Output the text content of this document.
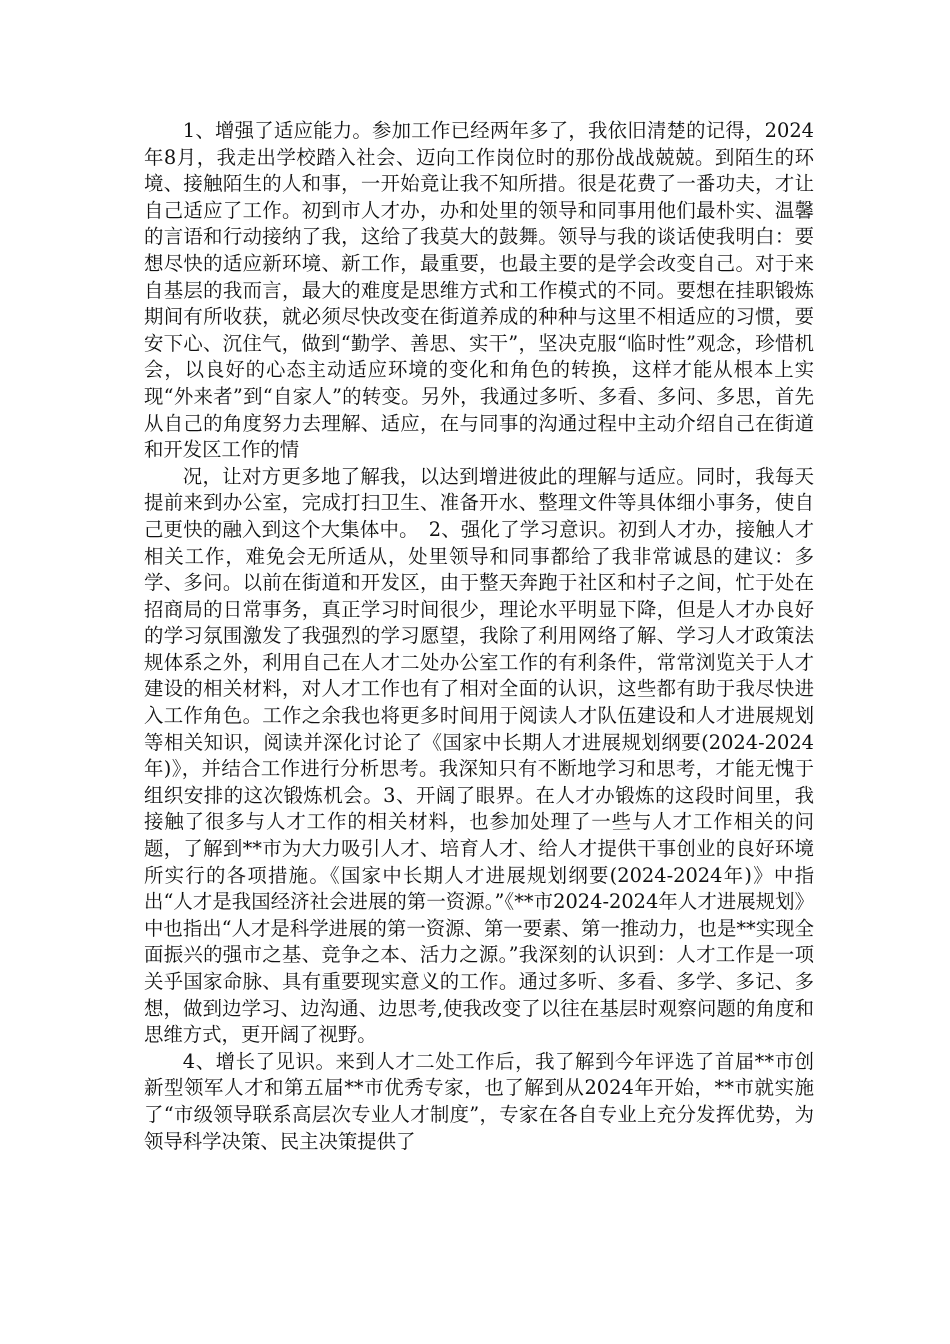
1、增强了适应能力。参加工作已经两年多了，我依旧清楚的记得，2024年8月，我走出学校踏入社会、迈向工作岗位时的那份战战兢兢。到陌生的环境、接触陌生的人和事，一开始竟让我不知所措。很是花费了一番功夫，才让自己适应了工作。初到市人才办，办和处里的领导和同事用他们最朴实、温馨的言语和行动接纳了我，这给了我莫大的鼓舞。领导与我的谈话使我明白：要想尽快的适应新环境、新工作，最重要，也最主要的是学会改变自己。对于来自基层的我而言，最大的难度是思维方式和工作模式的不同。要想在挂职锻炼期间有所收获，就必须尽快改变在街道养成的种种与这里不相适应的习惯，要安下心、沉住气，做到“勤学、善思、实干”，坚决克服“临时性”观念，珍惜机会，以良好的心态主动适应环境的变化和角色的转换，这样才能从根本上实现“外来者”到“自家人”的转变。另外，我通过多听、多看、多问、多思，首先从自己的角度努力去理解、适应，在与同事的沟通过程中主动介绍自己在街道和开发区工作的情

况，让对方更多地了解我，以达到增进彼此的理解与适应。同时，我每天提前来到办公室，完成打扫卫生、准备开水、整理文件等具体细小事务，使自己更快的融入到这个大集体中。　2、强化了学习意识。初到人才办，接触人才相关工作，难免会无所适从，处里领导和同事都给了我非常诚恳的建议：多学、多问。以前在街道和开发区，由于整天奔跑于社区和村子之间，忙于处在招商局的日常事务，真正学习时间很少，理论水平明显下降，但是人才办良好的学习氛围激发了我强烈的学习愿望，我除了利用网络了解、学习人才政策法规体系之外，利用自己在人才二处办公室工作的有利条件，常常浏览关于人才建设的相关材料，对人才工作也有了相对全面的认识，这些都有助于我尽快进入工作角色。工作之余我也将更多时间用于阅读人才队伍建设和人才进展规划等相关知识，阅读并深化讨论了《国家中长期人才进展规划纲要(2024-2024年)》，并结合工作进行分析思考。我深知只有不断地学习和思考，才能无愧于组织安排的这次锻炼机会。3、开阔了眼界。在人才办锻炼的这段时间里，我接触了很多与人才工作的相关材料，也参加处理了一些与人才工作相关的问题，了解到**市为大力吸引人才、培育人才、给人才提供干事创业的良好环境所实行的各项措施。《国家中长期人才进展规划纲要(2024-2024年)》中指出“人才是我国经济社会进展的第一资源。”《**市2024-2024年人才进展规划》中也指出“人才是科学进展的第一资源、第一要素、第一推动力，也是**实现全面振兴的强市之基、竞争之本、活力之源。”我深刻的认识到：人才工作是一项关乎国家命脉、具有重要现实意义的工作。通过多听、多看、多学、多记、多想，做到边学习、边沟通、边思考,使我改变了以往在基层时观察问题的角度和思维方式，更开阔了视野。

4、增长了见识。来到人才二处工作后，我了解到今年评选了首届**市创新型领军人才和第五届**市优秀专家，也了解到从2024年开始，**市就实施了“市级领导联系高层次专业人才制度”，专家在各自专业上充分发挥优势，为领导科学决策、民主决策提供了
